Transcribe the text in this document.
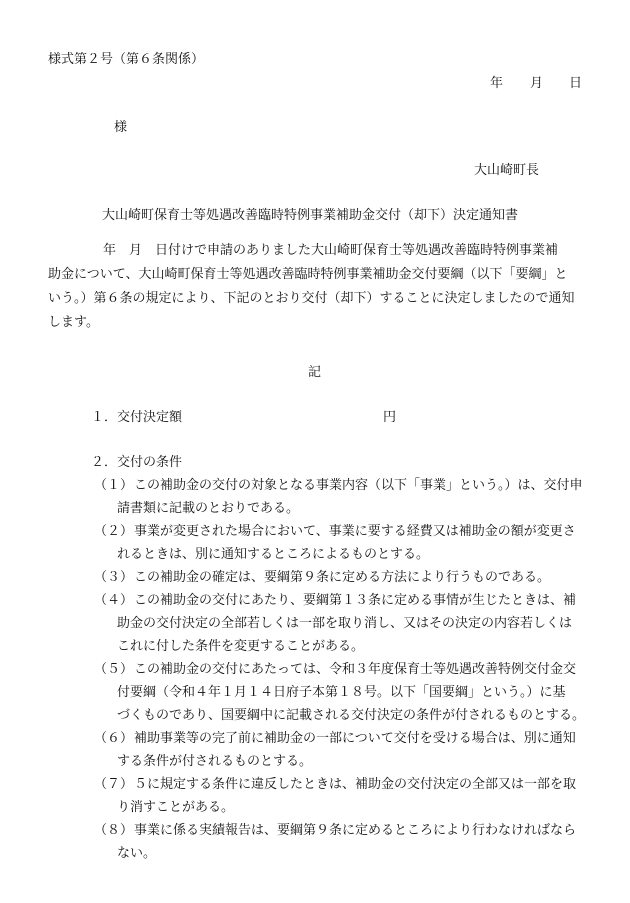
様式第２号（第６条関係）
年 月 日
様
大山崎町長
大山崎町保育士等処遇改善臨時特例事業補助金交付（却下）決定通知書
年　月　日付けで申請のありました大山崎町保育士等処遇改善臨時特例事業補
助金について、大山崎町保育士等処遇改善臨時特例事業補助金交付要綱（以下「要綱」と
いう。）第６条の規定により、下記のとおり交付（却下）することに決定しましたので通知
します。
記
１．交付決定額	円
２．交付の条件
（１） この補助金の交付の対象となる事業内容（以下「事業」という。）は、交付申
請書類に記載のとおりである。
（２） 事業が変更された場合において、事業に要する経費又は補助金の額が変更さ
れるときは、別に通知するところによるものとする。
（３） この補助金の確定は、要綱第９条に定める方法により行うものである。
（４） この補助金の交付にあたり、要綱第１３条に定める事情が生じたときは、補
助金の交付決定の全部若しくは一部を取り消し、又はその決定の内容若しくは
これに付した条件を変更することがある。
（５） この補助金の交付にあたっては、令和３年度保育士等処遇改善特例交付金交
付要綱（令和４年１月１４日府子本第１８号。以下「国要綱」という。）に基
づくものであり、国要綱中に記載される交付決定の条件が付されるものとする。
（６） 補助事業等の完了前に補助金の一部について交付を受ける場合は、別に通知
する条件が付されるものとする。
（７） ５に規定する条件に違反したときは、補助金の交付決定の全部又は一部を取
り消すことがある。
（８） 事業に係る実績報告は、要綱第９条に定めるところにより行わなければなら
ない。
